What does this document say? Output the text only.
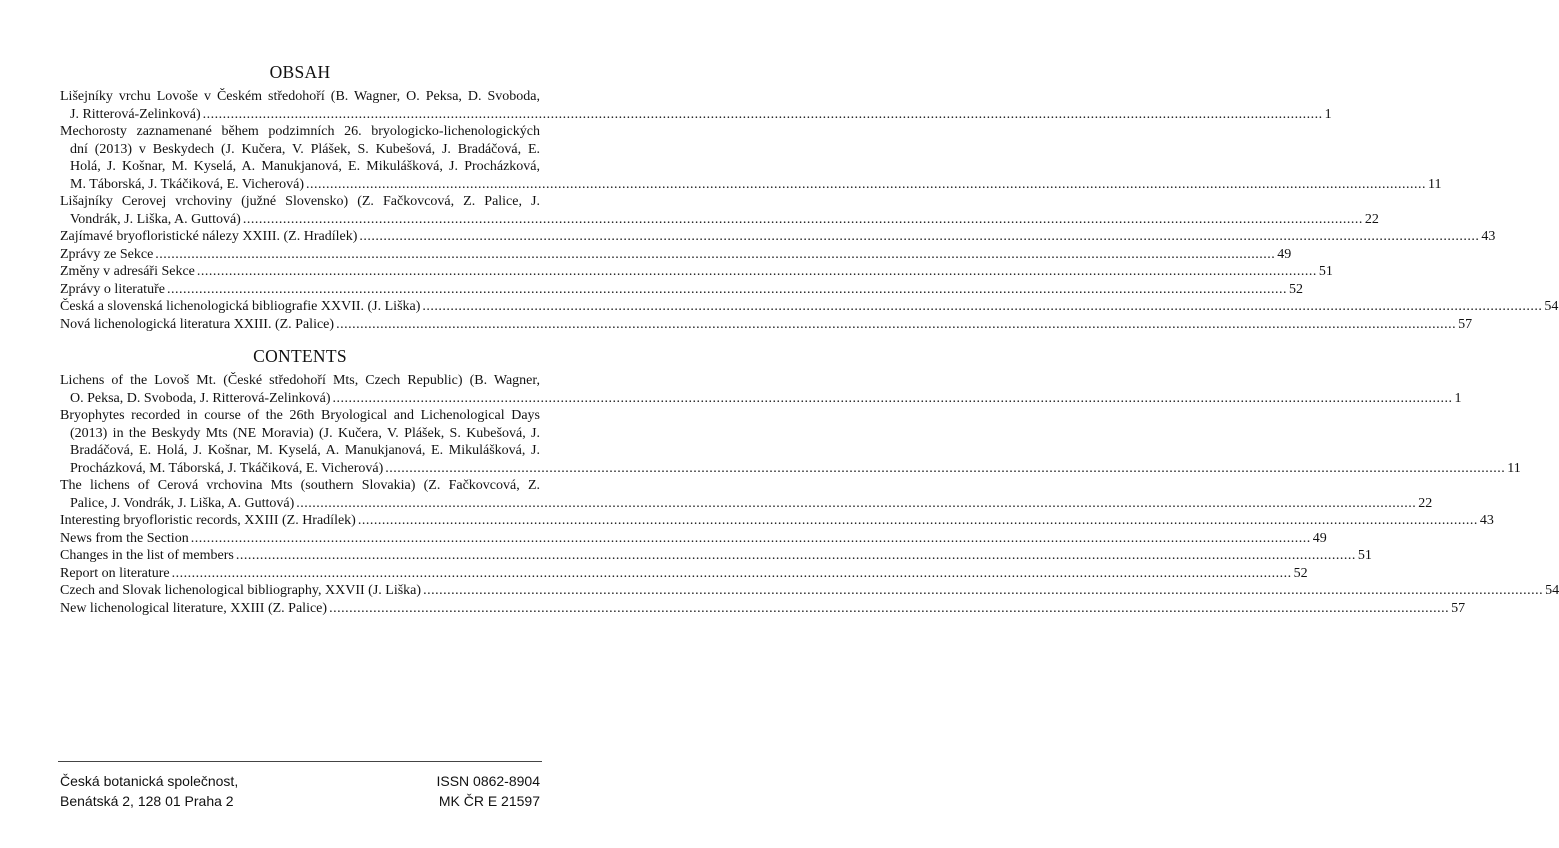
OBSAH
Lišejníky vrchu Lovoše v Českém středohoří (B. Wagner, O. Peksa, D. Svoboda,
J. Ritterová-Zelinková) .....	1
Mechorosty zaznamenané během podzimních 26. bryologicko-lichenologických
dní (2013) v Beskydech (J. Kučera, V. Plášek, S. Kubešová, J. Bradáčová, E.
Holá, J. Košnar, M. Kyselá, A. Manukjanová, E. Mikulášková, J. Procházková,
M. Táborská, J. Tkáčiková, E. Vicherová) .....	11
Lišajníky Cerovej vrchoviny (južné Slovensko) (Z. Fačkovcová, Z. Palice, J.
Vondrák, J. Liška, A. Guttová) .....	22
Zajímavé bryofloristické nálezy XXIII. (Z. Hradílek) .....	43
Zprávy ze Sekce .....	49
Změny v adresáři Sekce .....	51
Zprávy o literatuře .....	52
Česká a slovenská lichenologická bibliografie XXVII. (J. Liška) .....	54
Nová lichenologická literatura XXIII. (Z. Palice) .....	57
CONTENTS
Lichens of the Lovoš Mt. (České středohoří Mts, Czech Republic) (B. Wagner,
O. Peksa, D. Svoboda, J. Ritterová-Zelinková) .....	1
Bryophytes recorded in course of the 26th Bryological and Lichenological Days
(2013) in the Beskydy Mts (NE Moravia) (J. Kučera, V. Plášek, S. Kubešová, J.
Bradáčová, E. Holá, J. Košnar, M. Kyselá, A. Manukjanová, E. Mikulášková, J.
Procházková, M. Táborská, J. Tkáčiková, E. Vicherová) .....	11
The lichens of Cerová vrchovina Mts (southern Slovakia) (Z. Fačkovcová, Z.
Palice, J. Vondrák, J. Liška, A. Guttová) .....	22
Interesting bryofloristic records, XXIII (Z. Hradílek) .....	43
News from the Section .....	49
Changes in the list of members .....	51
Report on literature .....	52
Czech and Slovak lichenological bibliography, XXVII (J. Liška) .....	54
New lichenological literature, XXIII (Z. Palice) .....	57
Česká botanická společnost,
Benátská 2, 128 01 Praha 2
ISSN 0862-8904
MK ČR E 21597
